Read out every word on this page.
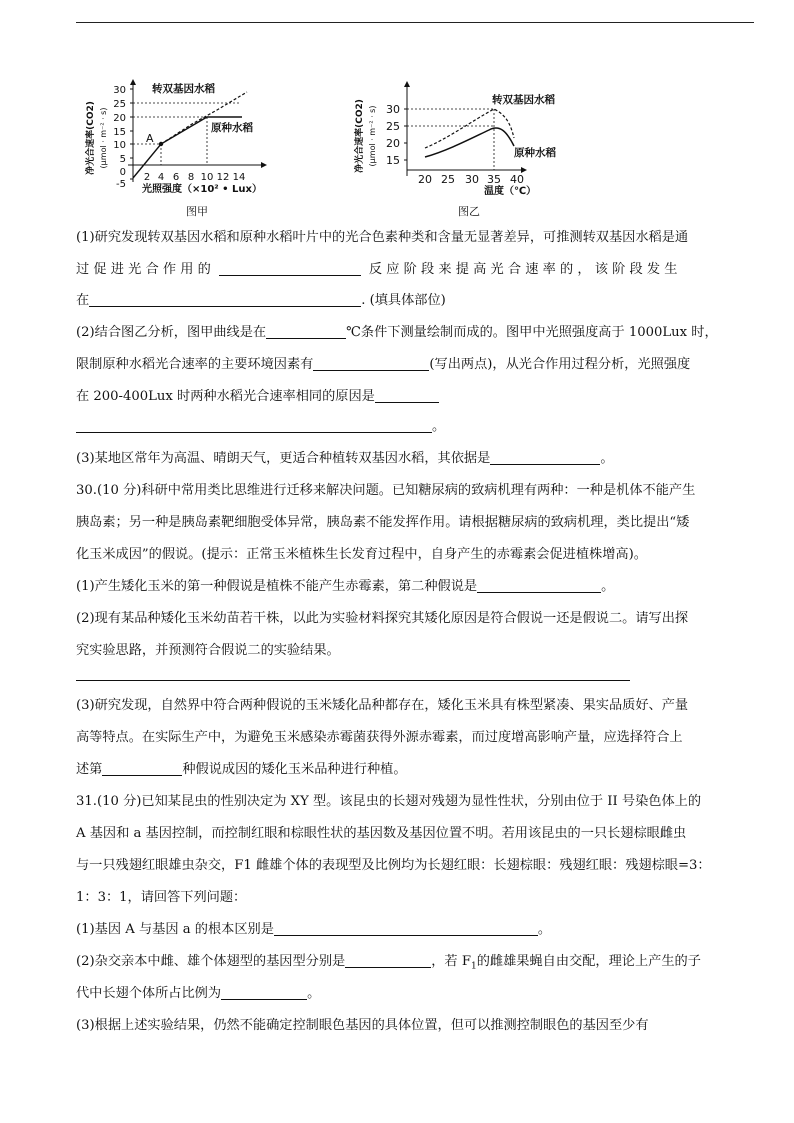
净光合速率(CO2) (μmol · m⁻² · s)
30
25
20
15
10
5
0
-5
2 4 6 8 10 12 14
光照强度（×10² • Lux）
A
转双基因水稻
原种水稻
图甲
净光合速率(CO2) (μmol · m⁻² · s) 30
25
20
15
20 25 30 35 40
温度（℃）
转双基因水稻
原种水稻
图乙
(1)研究发现转双基因水稻和原种水稻叶片中的光合色素种类和含量无显著差异，可推测转双基因水稻是通
过 促 进 光 合 作 用 的	反 应 阶 段 来 提 高 光 合 速 率 的 ， 该 阶 段 发 生
在	. (填具体部位)
(2)结合图乙分析，图甲曲线是在	℃条件下测量绘制而成的。图甲中光照强度高于 1000Lux 时，
限制原种水稻光合速率的主要环境因素有	(写出两点)，从光合作用过程分析，光照强度
在 200-400Lux 时两种水稻光合速率相同的原因是
。
(3)某地区常年为高温、晴朗天气，更适合种植转双基因水稻，其依据是	。
30.(10 分)科研中常用类比思维进行迁移来解决问题。已知糖尿病的致病机理有两种：一种是机体不能产生
胰岛素；另一种是胰岛素靶细胞受体异常，胰岛素不能发挥作用。请根据糖尿病的致病机理，类比提出“矮
化玉米成因”的假说。(提示：正常玉米植株生长发育过程中，自身产生的赤霉素会促进植株增高)。
(1)产生矮化玉米的第一种假说是植株不能产生赤霉素，第二种假说是	。
(2)现有某品种矮化玉米幼苗若干株，以此为实验材料探究其矮化原因是符合假说一还是假说二。请写出探
究实验思路，并预测符合假说二的实验结果。
(3)研究发现，自然界中符合两种假说的玉米矮化品种都存在，矮化玉米具有株型紧凑、果实品质好、产量
高等特点。在实际生产中，为避免玉米感染赤霉菌获得外源赤霉素，而过度增高影响产量，应选择符合上
述第	种假说成因的矮化玉米品种进行种植。
31.(10 分)已知某昆虫的性别决定为 XY 型。该昆虫的长翅对残翅为显性性状，分别由位于 II 号染色体上的
A 基因和 a 基因控制，而控制红眼和棕眼性状的基因数及基因位置不明。若用该昆虫的一只长翅棕眼雌虫
与一只残翅红眼雄虫杂交，F1 雌雄个体的表现型及比例均为长翅红眼：长翅棕眼：残翅红眼：残翅棕眼=3：
1：3：1，请回答下列问题：
(1)基因 A 与基因 a 的根本区别是	。
(2)杂交亲本中雌、雄个体翅型的基因型分别是	，若 $F_1$的雌雄果蝇自由交配，理论上产生的子
代中长翅个体所占比例为	。
(3)根据上述实验结果，仍然不能确定控制眼色基因的具体位置，但可以推测控制眼色的基因至少有
